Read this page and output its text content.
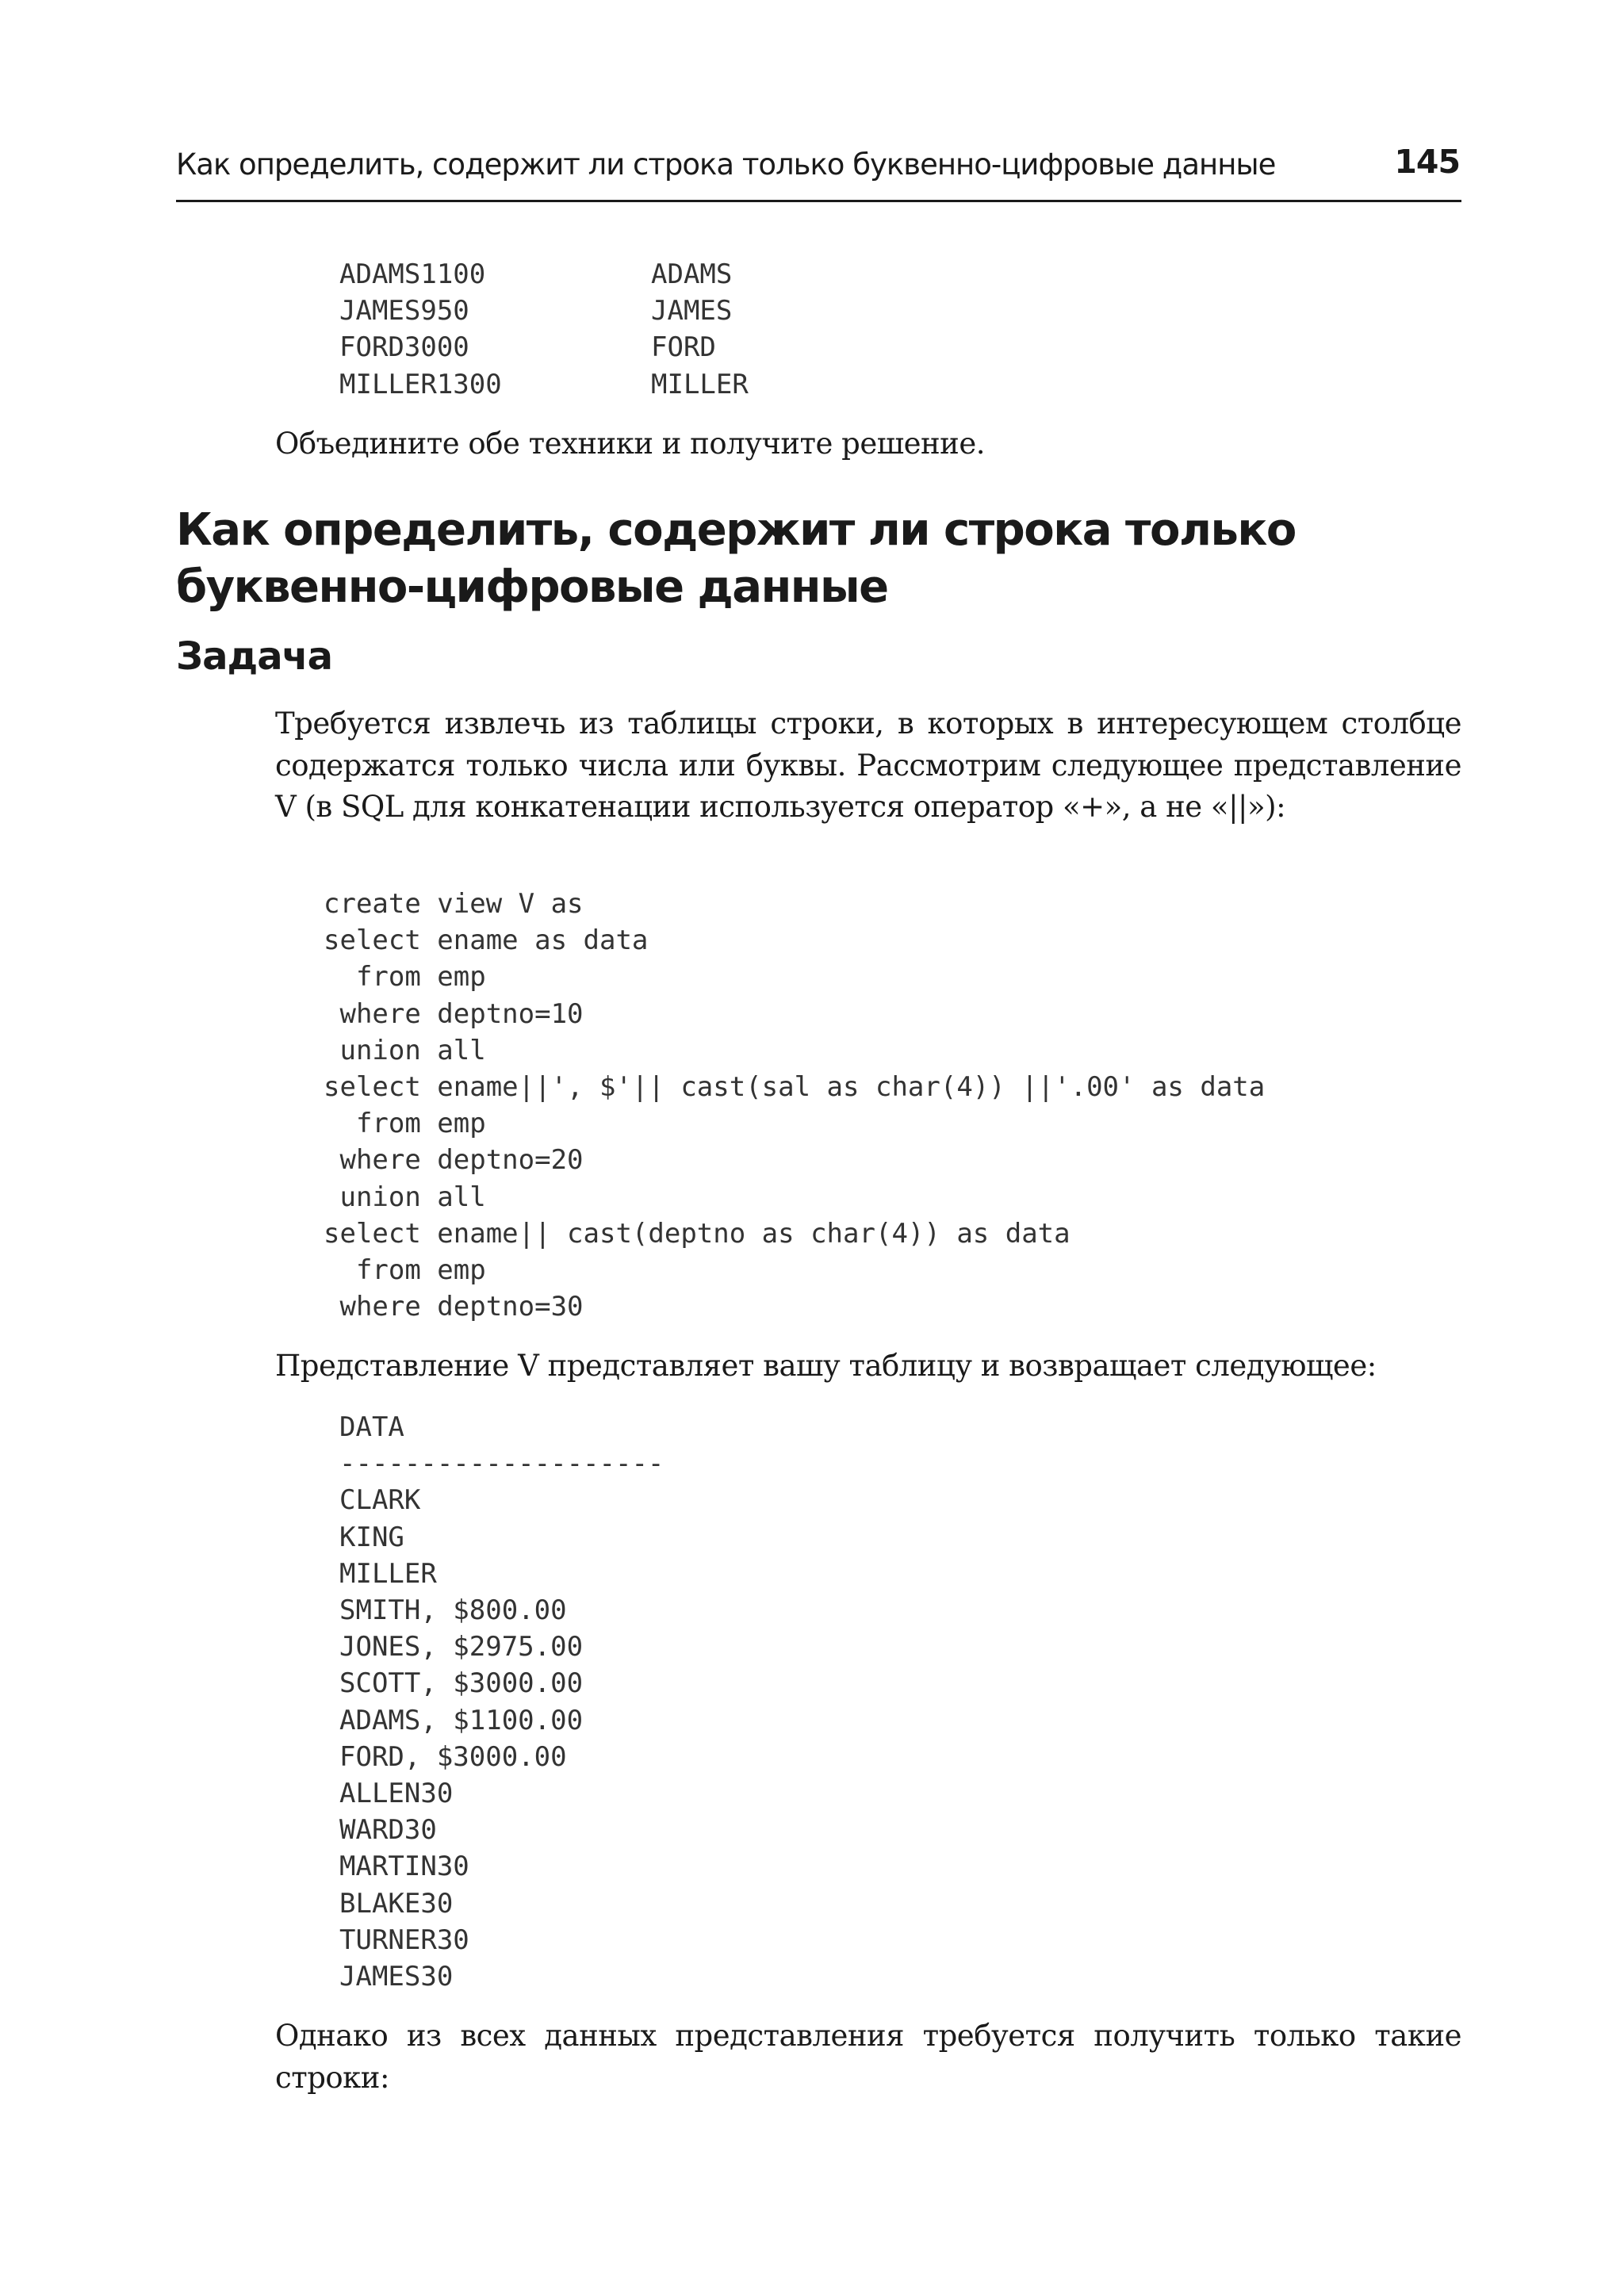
Как определить, содержит ли строка только буквенно-цифровые данные	145
ADAMS1100
JAMES950
FORD3000
MILLER1300
ADAMS
JAMES
FORD
MILLER

Объедините обе техники и получите решение.

Как определить, содержит ли строка только
буквенно-цифровые данные
Задача

Требуется извлечь из таблицы строки, в которых в интересующем столбце содержатся только числа или буквы. Рассмотрим следующее представление V (в SQL для конкатенации используется оператор «+», а не «||»):

create view V as
select ename as data
from emp
where deptno=10
union all
select ename||', $'|| cast(sal as char(4)) ||'.00' as data
from emp
where deptno=20
union all
select ename|| cast(deptno as char(4)) as data
from emp
where deptno=30

Представление V представляет вашу таблицу и возвращает следующее:

DATA
--------------------
CLARK
KING
MILLER
SMITH, $800.00
JONES, $2975.00
SCOTT, $3000.00
ADAMS, $1100.00
FORD, $3000.00
ALLEN30
WARD30
MARTIN30
BLAKE30
TURNER30
JAMES30

Однако из всех данных представления требуется получить только такие строки:
